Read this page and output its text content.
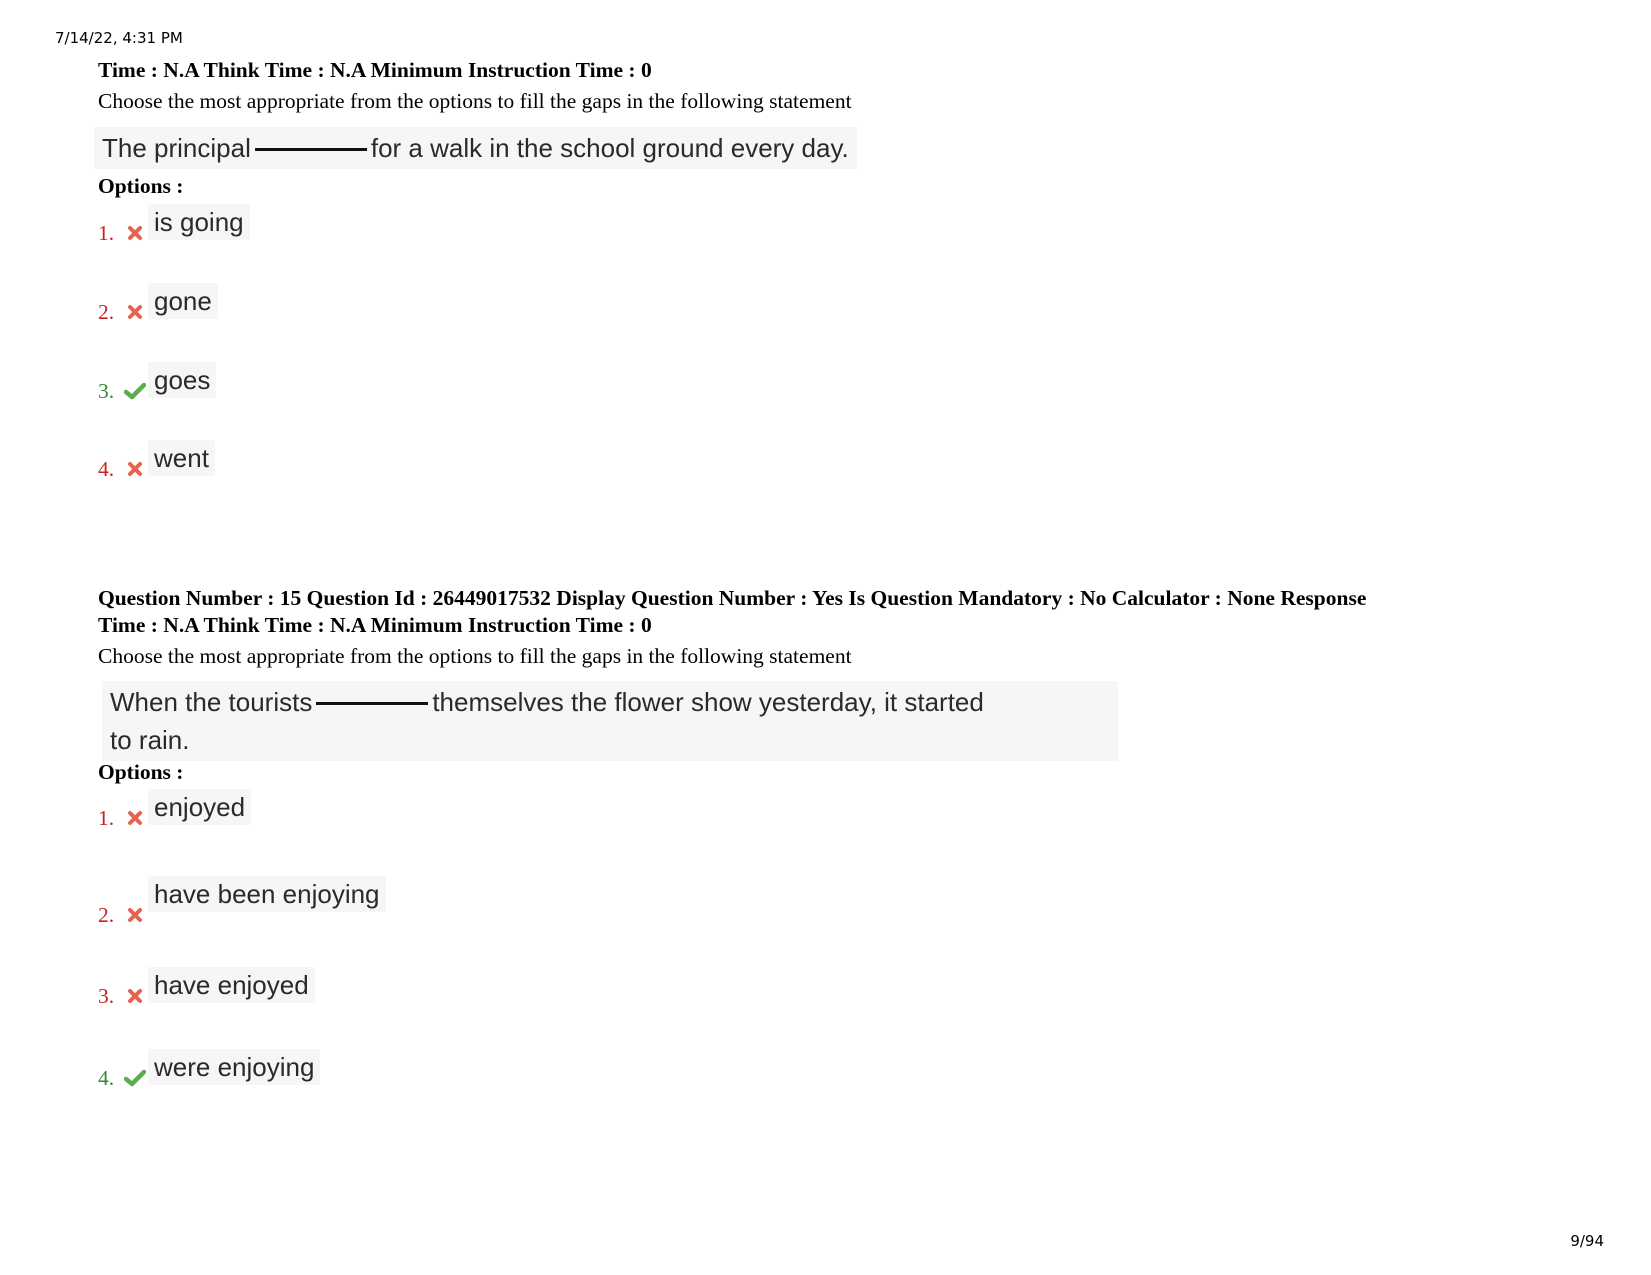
7/14/22, 4:31 PM
Time : N.A Think Time : N.A Minimum Instruction Time : 0
Choose the most appropriate from the options to fill the gaps in the following statement
The principal	for a walk in the school ground every day.
Options :
1.	is going
2.	gone
3.	goes
4.	went
Question Number : 15 Question Id : 26449017532 Display Question Number : Yes Is Question Mandatory : No Calculator : None Response
Time : N.A Think Time : N.A Minimum Instruction Time : 0
Choose the most appropriate from the options to fill the gaps in the following statement
When the tourists	themselves the flower show yesterday, it started
to rain.
Options :
1.	enjoyed
2.
have been enjoying
3.	have enjoyed
4.	were enjoying
9/94
